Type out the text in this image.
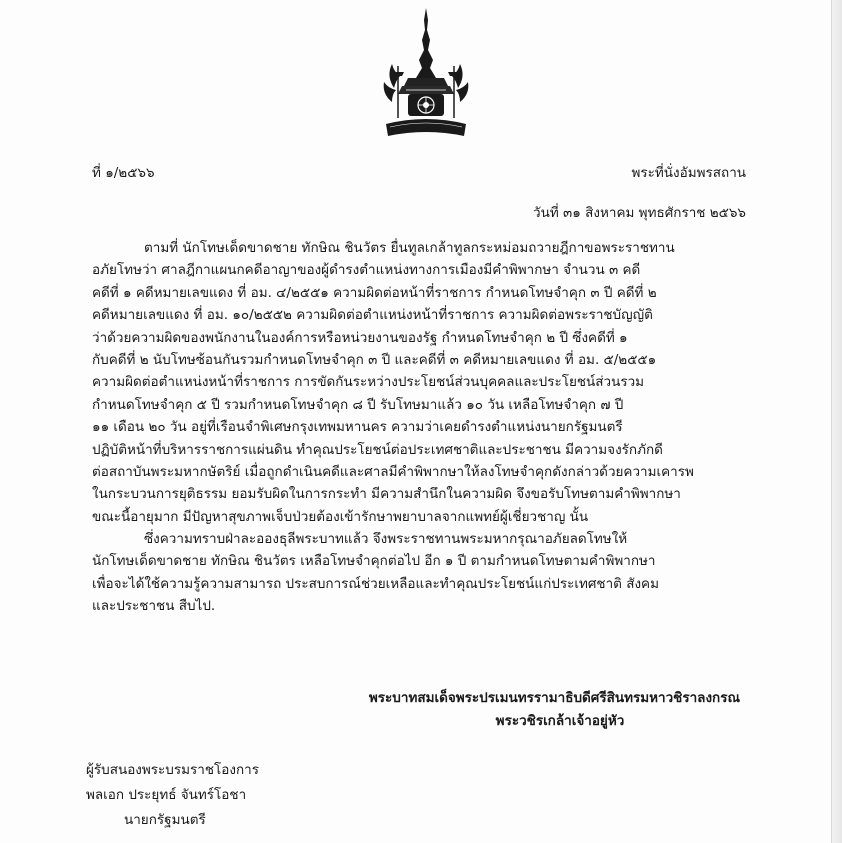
ที่ ๑/๒๕๖๖	พระที่นั่งอัมพรสถาน
วันที่ ๓๑ สิงหาคม พุทธศักราช ๒๕๖๖
ตามที่ นักโทษเด็ดขาดชาย ทักษิณ ชินวัตร ยื่นทูลเกล้าทูลกระหม่อมถวายฎีกาขอพระราชทาน
อภัยโทษว่า ศาลฎีกาแผนกคดีอาญาของผู้ดำรงตำแหน่งทางการเมืองมีคำพิพากษา จำนวน ๓ คดี
คดีที่ ๑ คดีหมายเลขแดง ที่ อม. ๔/๒๕๕๑ ความผิดต่อหน้าที่ราชการ กำหนดโทษจำคุก ๓ ปี คดีที่ ๒
คดีหมายเลขแดง ที่ อม. ๑๐/๒๕๕๒ ความผิดต่อตำแหน่งหน้าที่ราชการ ความผิดต่อพระราชบัญญัติ
ว่าด้วยความผิดของพนักงานในองค์การหรือหน่วยงานของรัฐ กำหนดโทษจำคุก ๒ ปี ซึ่งคดีที่ ๑
กับคดีที่ ๒ นับโทษซ้อนกันรวมกำหนดโทษจำคุก ๓ ปี และคดีที่ ๓ คดีหมายเลขแดง ที่ อม. ๕/๒๕๕๑
ความผิดต่อตำแหน่งหน้าที่ราชการ การขัดกันระหว่างประโยชน์ส่วนบุคคลและประโยชน์ส่วนรวม
กำหนดโทษจำคุก ๕ ปี รวมกำหนดโทษจำคุก ๘ ปี รับโทษมาแล้ว ๑๐ วัน เหลือโทษจำคุก ๗ ปี
๑๑ เดือน ๒๐ วัน อยู่ที่เรือนจำพิเศษกรุงเทพมหานคร ความว่าเคยดำรงตำแหน่งนายกรัฐมนตรี
ปฏิบัติหน้าที่บริหารราชการแผ่นดิน ทำคุณประโยชน์ต่อประเทศชาติและประชาชน มีความจงรักภักดี
ต่อสถาบันพระมหากษัตริย์ เมื่อถูกดำเนินคดีและศาลมีคำพิพากษาให้ลงโทษจำคุกดังกล่าวด้วยความเคารพ
ในกระบวนการยุติธรรม ยอมรับผิดในการกระทำ มีความสำนึกในความผิด จึงขอรับโทษตามคำพิพากษา
ขณะนี้อายุมาก มีปัญหาสุขภาพเจ็บป่วยต้องเข้ารักษาพยาบาลจากแพทย์ผู้เชี่ยวชาญ นั้น
ซึ่งความทราบฝ่าละอองธุลีพระบาทแล้ว จึงพระราชทานพระมหากรุณาอภัยลดโทษให้
นักโทษเด็ดขาดชาย ทักษิณ ชินวัตร เหลือโทษจำคุกต่อไป อีก ๑ ปี ตามกำหนดโทษตามคำพิพากษา
เพื่อจะได้ใช้ความรู้ความสามารถ ประสบการณ์ช่วยเหลือและทำคุณประโยชน์แก่ประเทศชาติ สังคม
และประชาชน สืบไป.
พระบาทสมเด็จพระปรเมนทรรามาธิบดีศรีสินทรมหาวชิราลงกรณ
พระวชิรเกล้าเจ้าอยู่หัว
ผู้รับสนองพระบรมราชโองการ
พลเอก ประยุทธ์ จันทร์โอชา
นายกรัฐมนตรี
